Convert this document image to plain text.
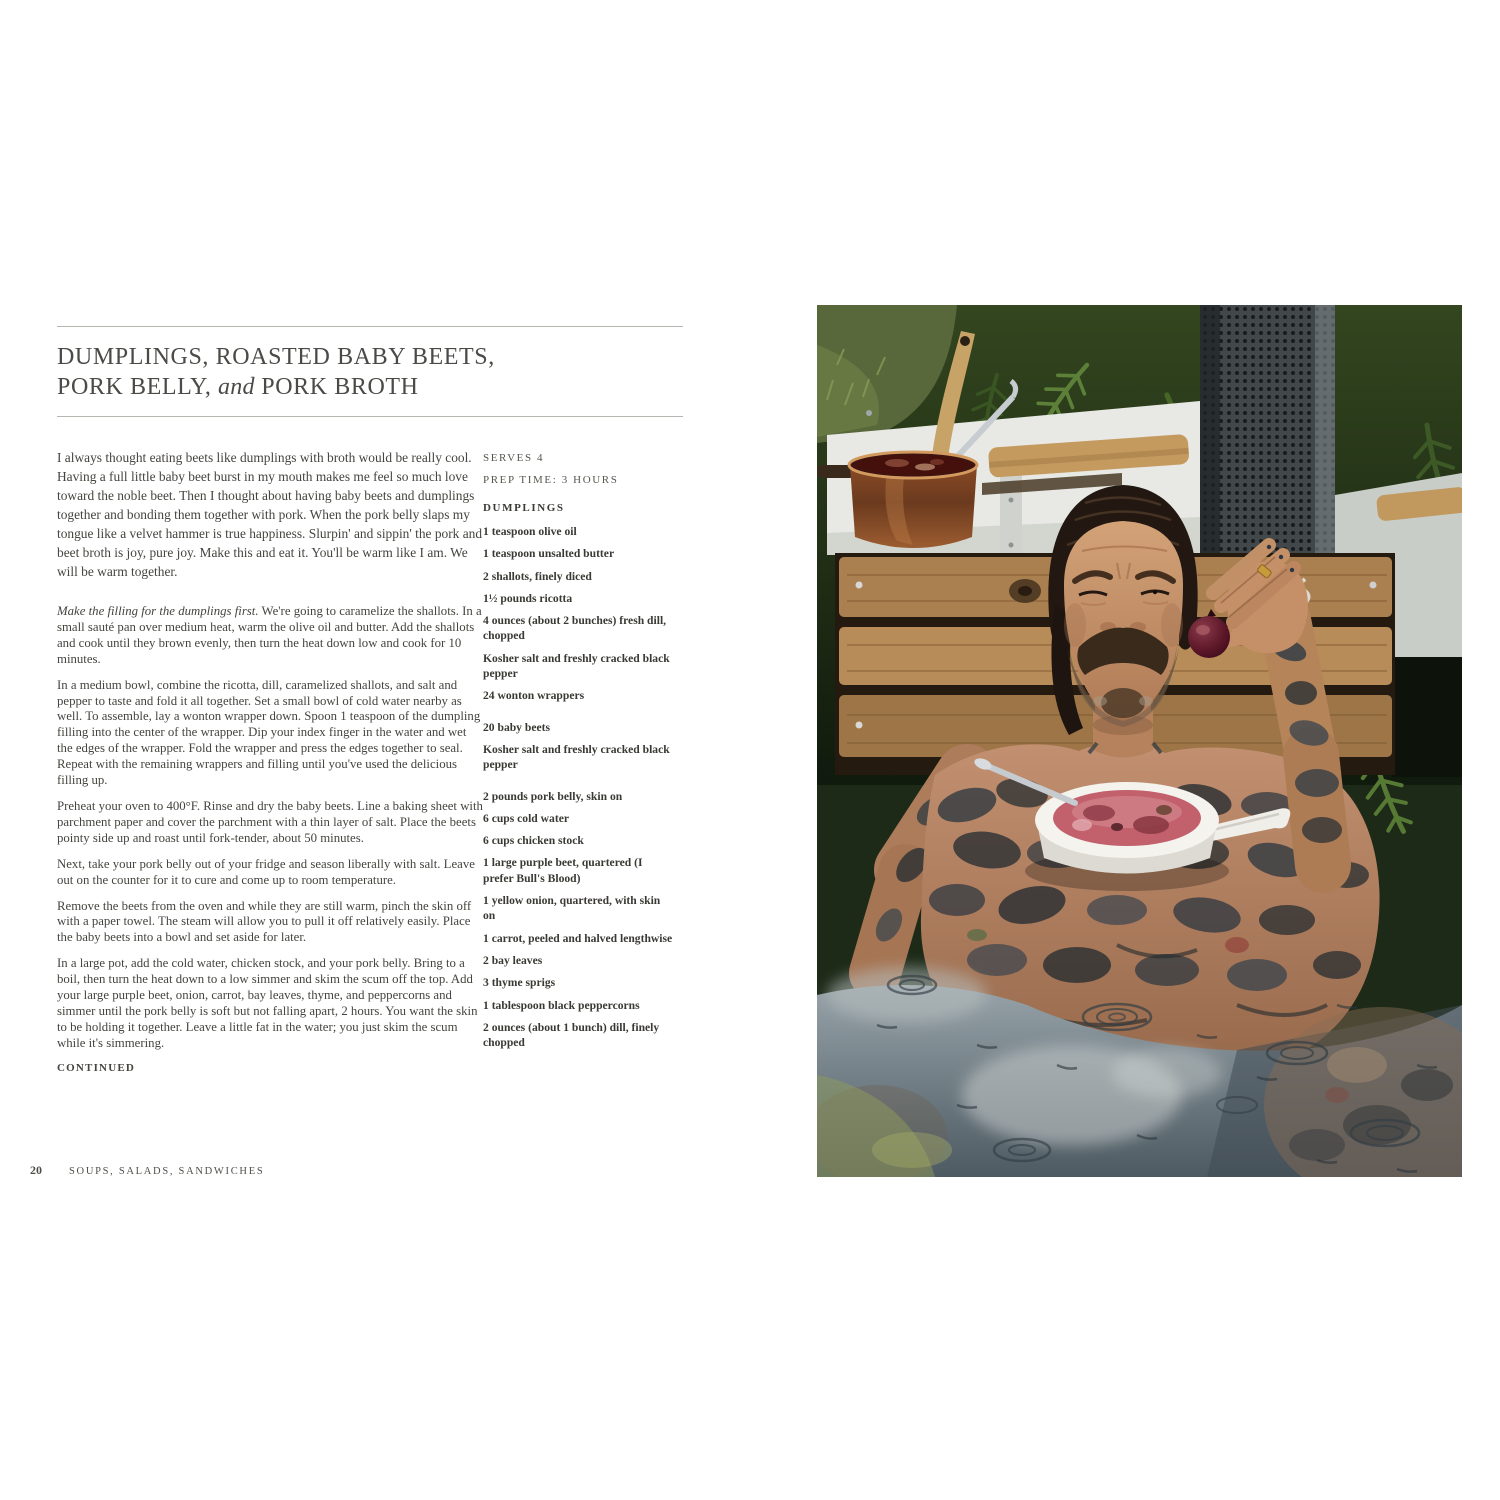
DUMPLINGS, ROASTED BABY BEETS,
PORK BELLY, and PORK BROTH

I always thought eating beets like dumplings with broth would be really cool. Having a full little baby beet burst in my mouth makes me feel so much love toward the noble beet. Then I thought about having baby beets and dumplings together and bonding them together with pork. When the pork belly slaps my tongue like a velvet hammer is true happiness. Slurpin' and sippin' the pork and beet broth is joy, pure joy. Make this and eat it. You'll be warm like I am. We will be warm together.

Make the filling for the dumplings first. We're going to caramelize the shallots. In a small sauté pan over medium heat, warm the olive oil and butter. Add the shallots and cook until they brown evenly, then turn the heat down low and cook for 10 minutes.

In a medium bowl, combine the ricotta, dill, caramelized shallots, and salt and pepper to taste and fold it all together. Set a small bowl of cold water nearby as well. To assemble, lay a wonton wrapper down. Spoon 1 teaspoon of the dumpling filling into the center of the wrapper. Dip your index finger in the water and wet the edges of the wrapper. Fold the wrapper and press the edges together to seal. Repeat with the remaining wrappers and filling until you've used the delicious filling up.

Preheat your oven to 400°F. Rinse and dry the baby beets. Line a baking sheet with parchment paper and cover the parchment with a thin layer of salt. Place the beets pointy side up and roast until fork-tender, about 50 minutes.

Next, take your pork belly out of your fridge and season liberally with salt. Leave out on the counter for it to cure and come up to room temperature.

Remove the beets from the oven and while they are still warm, pinch the skin off with a paper towel. The steam will allow you to pull it off relatively easily. Place the baby beets into a bowl and set aside for later.

In a large pot, add the cold water, chicken stock, and your pork belly. Bring to a boil, then turn the heat down to a low simmer and skim the scum off the top. Add your large purple beet, onion, carrot, bay leaves, thyme, and peppercorns and simmer until the pork belly is soft but not falling apart, 2 hours. You want the skin to be holding it together. Leave a little fat in the water; you just skim the scum while it's simmering.

CONTINUED
SERVES 4
PREP TIME: 3 HOURS
DUMPLINGS
1 teaspoon olive oil
1 teaspoon unsalted butter
2 shallots, finely diced
1½ pounds ricotta
4 ounces (about 2 bunches) fresh dill, chopped
Kosher salt and freshly cracked black pepper
24 wonton wrappers
20 baby beets
Kosher salt and freshly cracked black pepper
2 pounds pork belly, skin on
6 cups cold water
6 cups chicken stock
1 large purple beet, quartered (I prefer Bull's Blood)
1 yellow onion, quartered, with skin on
1 carrot, peeled and halved lengthwise
2 bay leaves
3 thyme sprigs
1 tablespoon black peppercorns
2 ounces (about 1 bunch) dill, finely chopped
20	SOUPS, SALADS, SANDWICHES
